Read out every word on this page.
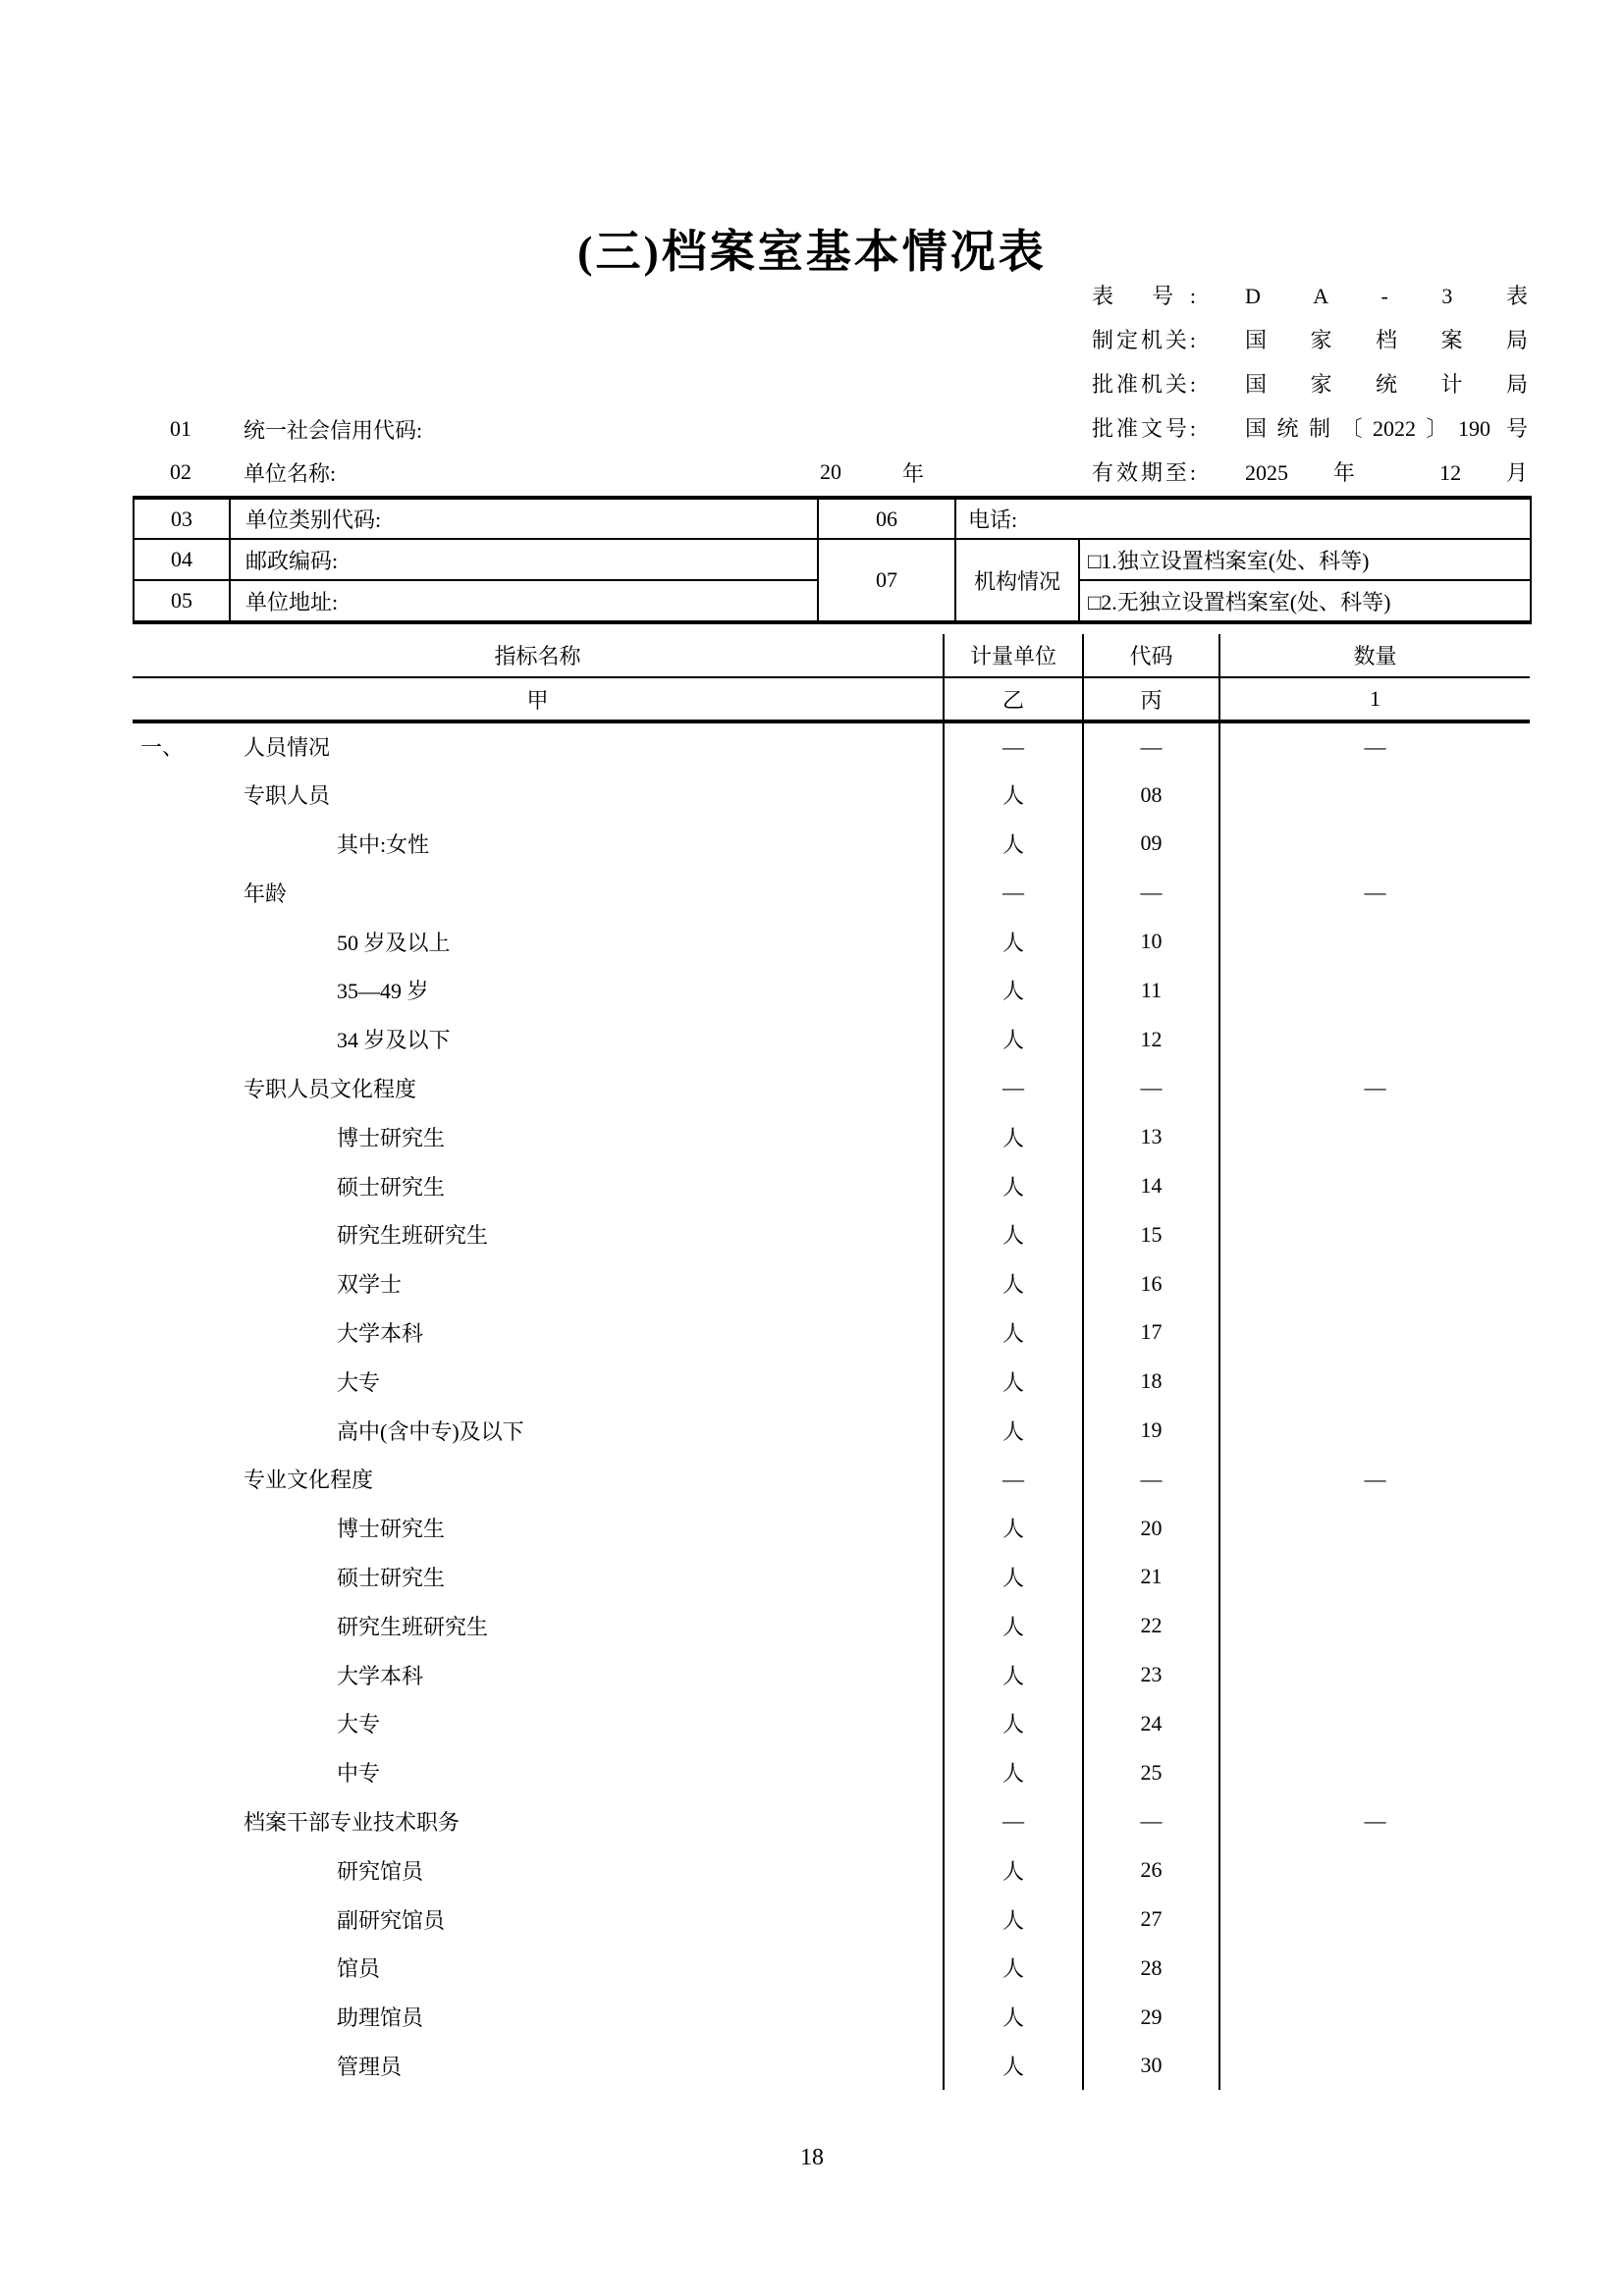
(三)档案室基本情况表
表 号: D A - 3 表
制定机关: 国 家 档 案 局
批准机关: 国 家 统 计 局
批准文号: 国统制〔2022〕190 号
有效期至: 2025 年 12 月
01	统一社会信用代码:
02	单位名称:	20	年
03	单位类别代码:	06	电话:	
04	邮政编码:	07	机构情况	□1.独立设置档案室(处、科等)
05	单位地址:			□2.无独立设置档案室(处、科等)
指标名称	计量单位	代码	数量
甲	乙	丙	1
一、 人员情况	—	—	—
专职人员	人	08	
其中:女性	人	09	
年龄	—	—	—
50 岁及以上	人	10	
35—49 岁	人	11	
34 岁及以下	人	12	
专职人员文化程度	—	—	—
博士研究生	人	13	
硕士研究生	人	14	
研究生班研究生	人	15	
双学士	人	16	
大学本科	人	17	
大专	人	18	
高中(含中专)及以下	人	19	
专业文化程度	—	—	—
博士研究生	人	20	
硕士研究生	人	21	
研究生班研究生	人	22	
大学本科	人	23	
大专	人	24	
中专	人	25	
档案干部专业技术职务	—	—	—
研究馆员	人	26	
副研究馆员	人	27	
馆员	人	28	
助理馆员	人	29	
管理员	人	30	
18
